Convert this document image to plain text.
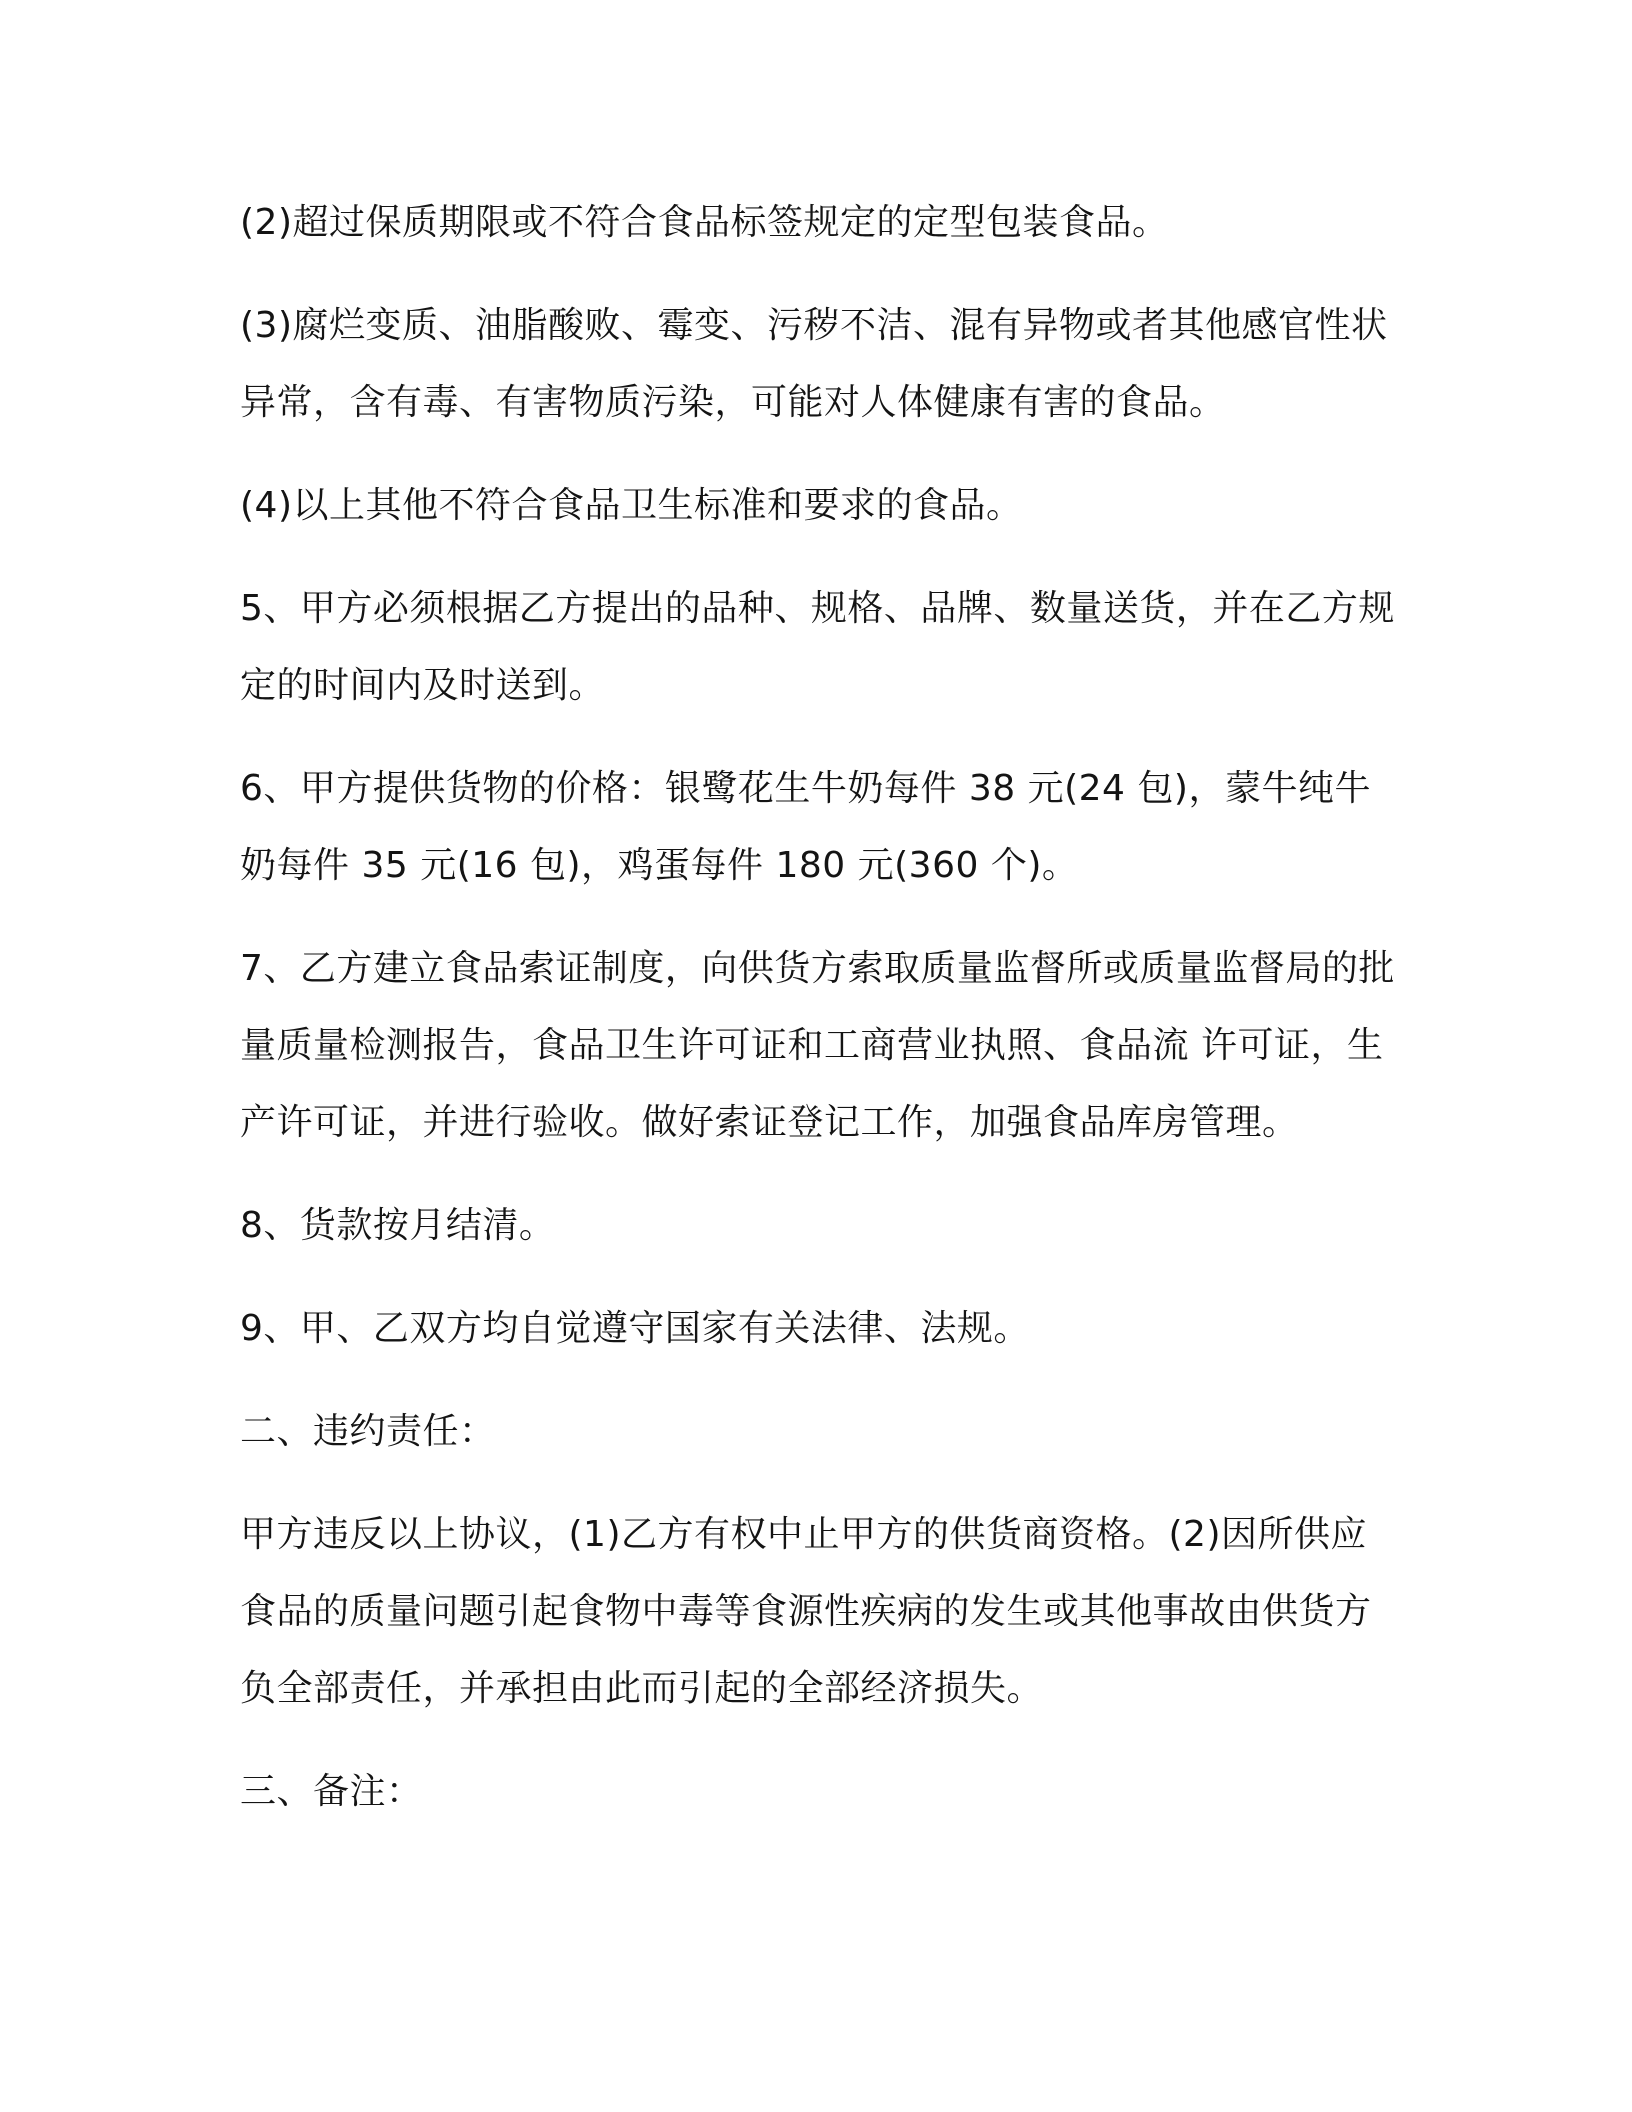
(2)超过保质期限或不符合食品标签规定的定型包装食品。

(3)腐烂变质、油脂酸败、霉变、污秽不洁、混有异物或者其他感官性状异常，含有毒、有害物质污染，可能对人体健康有害的食品。

(4)以上其他不符合食品卫生标准和要求的食品。

5、甲方必须根据乙方提出的品种、规格、品牌、数量送货，并在乙方规定的时间内及时送到。

6、甲方提供货物的价格：银鹭花生牛奶每件 38 元(24 包)，蒙牛纯牛奶每件 35 元(16 包)，鸡蛋每件 180 元(360 个)。

7、乙方建立食品索证制度，向供货方索取质量监督所或质量监督局的批量质量检测报告，食品卫生许可证和工商营业执照、食品流 许可证，生产许可证，并进行验收。做好索证登记工作，加强食品库房管理。

8、货款按月结清。

9、甲、乙双方均自觉遵守国家有关法律、法规。

二、违约责任：

甲方违反以上协议，(1)乙方有权中止甲方的供货商资格。(2)因所供应食品的质量问题引起食物中毒等食源性疾病的发生或其他事故由供货方负全部责任，并承担由此而引起的全部经济损失。

三、备注：
